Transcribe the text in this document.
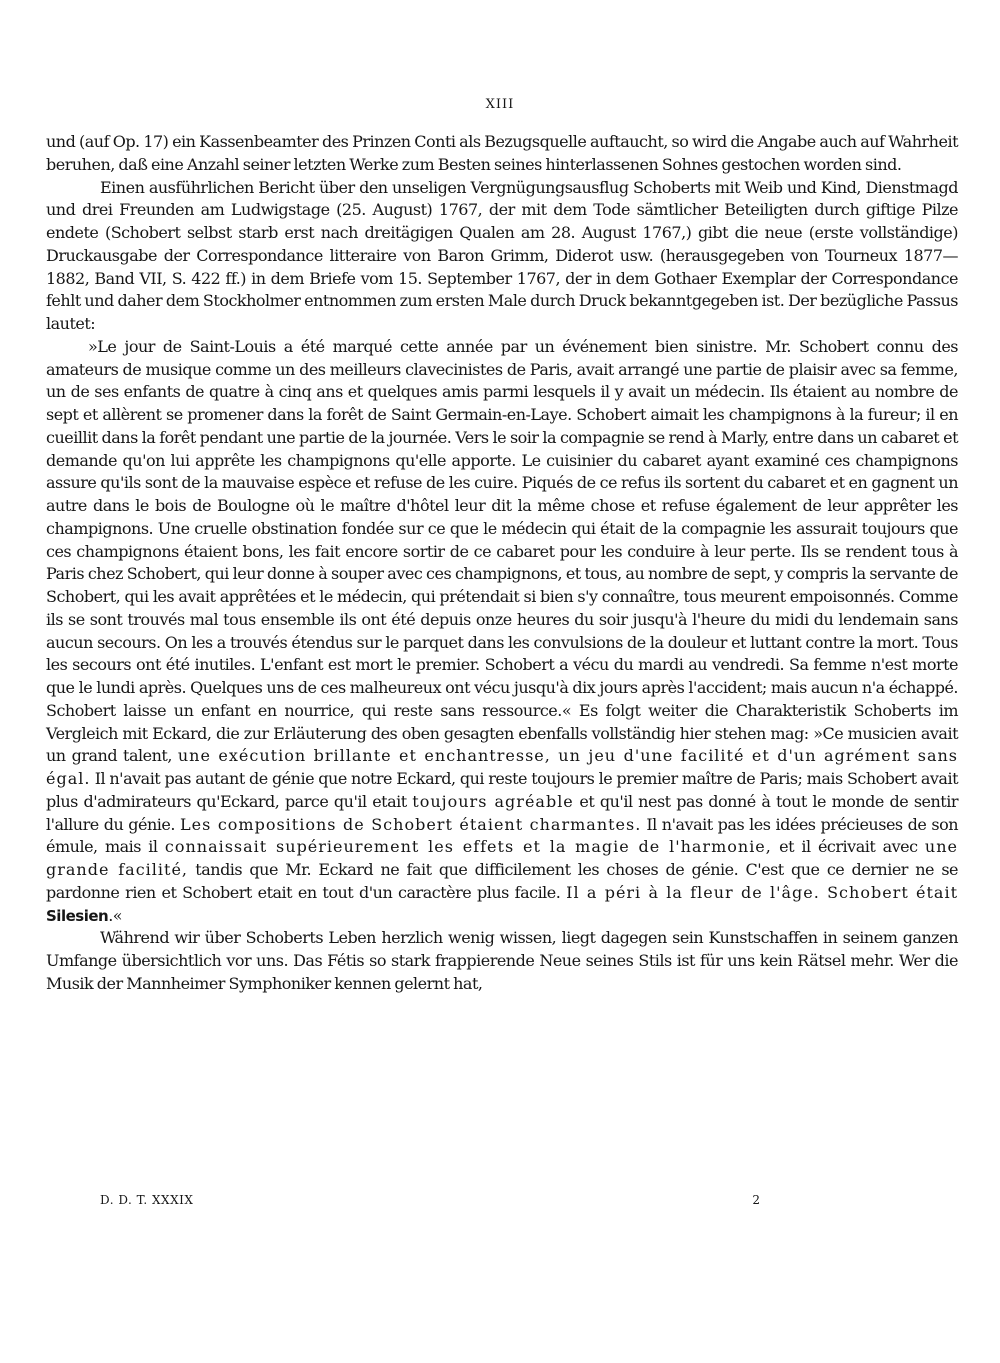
XIII

und (auf Op. 17) ein Kassenbeamter des Prinzen Conti als Bezugsquelle auftaucht, so wird die Angabe auch auf Wahrheit beruhen, daß eine Anzahl seiner letzten Werke zum Besten seines hinterlassenen Sohnes gestochen worden sind.

Einen ausführlichen Bericht über den unseligen Vergnügungsausflug Schoberts mit Weib und Kind, Dienstmagd und drei Freunden am Ludwigstage (25. August) 1767, der mit dem Tode sämtlicher Beteiligten durch giftige Pilze endete (Schobert selbst starb erst nach dreitägigen Qualen am 28. August 1767,) gibt die neue (erste vollständige) Druckausgabe der Correspondance litteraire von Baron Grimm, Diderot usw. (herausgegeben von Tourneux 1877—1882, Band VII, S. 422 ff.) in dem Briefe vom 15. September 1767, der in dem Gothaer Exemplar der Correspondance fehlt und daher dem Stockholmer entnommen zum ersten Male durch Druck bekanntgegeben ist. Der bezügliche Passus lautet:

»Le jour de Saint-Louis a été marqué cette année par un événement bien sinistre. Mr. Schobert connu des amateurs de musique comme un des meilleurs clavecinistes de Paris, avait arrangé une partie de plaisir avec sa femme, un de ses enfants de quatre à cinq ans et quelques amis parmi lesquels il y avait un médecin. Ils étaient au nombre de sept et allèrent se promener dans la forêt de Saint Germain-en-Laye. Schobert aimait les champignons à la fureur; il en cueillit dans la forêt pendant une partie de la journée. Vers le soir la compagnie se rend à Marly, entre dans un cabaret et demande qu'on lui apprête les champignons qu'elle apporte. Le cuisinier du cabaret ayant examiné ces champignons assure qu'ils sont de la mauvaise espèce et refuse de les cuire. Piqués de ce refus ils sortent du cabaret et en gagnent un autre dans le bois de Boulogne où le maître d'hôtel leur dit la même chose et refuse également de leur apprêter les champignons. Une cruelle obstination fondée sur ce que le médecin qui était de la compagnie les assurait toujours que ces champignons étaient bons, les fait encore sortir de ce cabaret pour les conduire à leur perte. Ils se rendent tous à Paris chez Schobert, qui leur donne à souper avec ces champignons, et tous, au nombre de sept, y compris la servante de Schobert, qui les avait apprêtées et le médecin, qui prétendait si bien s'y connaître, tous meurent empoisonnés. Comme ils se sont trouvés mal tous ensemble ils ont été depuis onze heures du soir jusqu'à l'heure du midi du lendemain sans aucun secours. On les a trouvés étendus sur le parquet dans les convulsions de la douleur et luttant contre la mort. Tous les secours ont été inutiles. L'enfant est mort le premier. Schobert a vécu du mardi au vendredi. Sa femme n'est morte que le lundi après. Quelques uns de ces malheureux ont vécu jusqu'à dix jours après l'accident; mais aucun n'a échappé. Schobert laisse un enfant en nourrice, qui reste sans ressource.« Es folgt weiter die Charakteristik Schoberts im Vergleich mit Eckard, die zur Erläuterung des oben gesagten ebenfalls vollständig hier stehen mag: »Ce musicien avait un grand talent, une exécution brillante et enchantresse, un jeu d'une facilité et d'un agrément sans égal. Il n'avait pas autant de génie que notre Eckard, qui reste toujours le premier maître de Paris; mais Schobert avait plus d'admirateurs qu'Eckard, parce qu'il etait toujours agréable et qu'il nest pas donné à tout le monde de sentir l'allure du génie. Les compositions de Schobert étaient charmantes. Il n'avait pas les idées précieuses de son émule, mais il connaissait supérieurement les effets et la magie de l'harmonie, et il écrivait avec une grande facilité, tandis que Mr. Eckard ne fait que difficilement les choses de génie. C'est que ce dernier ne se pardonne rien et Schobert etait en tout d'un caractère plus facile. Il a péri à la fleur de l'âge. Schobert était Silesien.«

Während wir über Schoberts Leben herzlich wenig wissen, liegt dagegen sein Kunstschaffen in seinem ganzen Umfange übersichtlich vor uns. Das Fétis so stark frappierende Neue seines Stils ist für uns kein Rätsel mehr. Wer die Musik der Mannheimer Symphoniker kennen gelernt hat,

D. D. T. XXXIX	2
